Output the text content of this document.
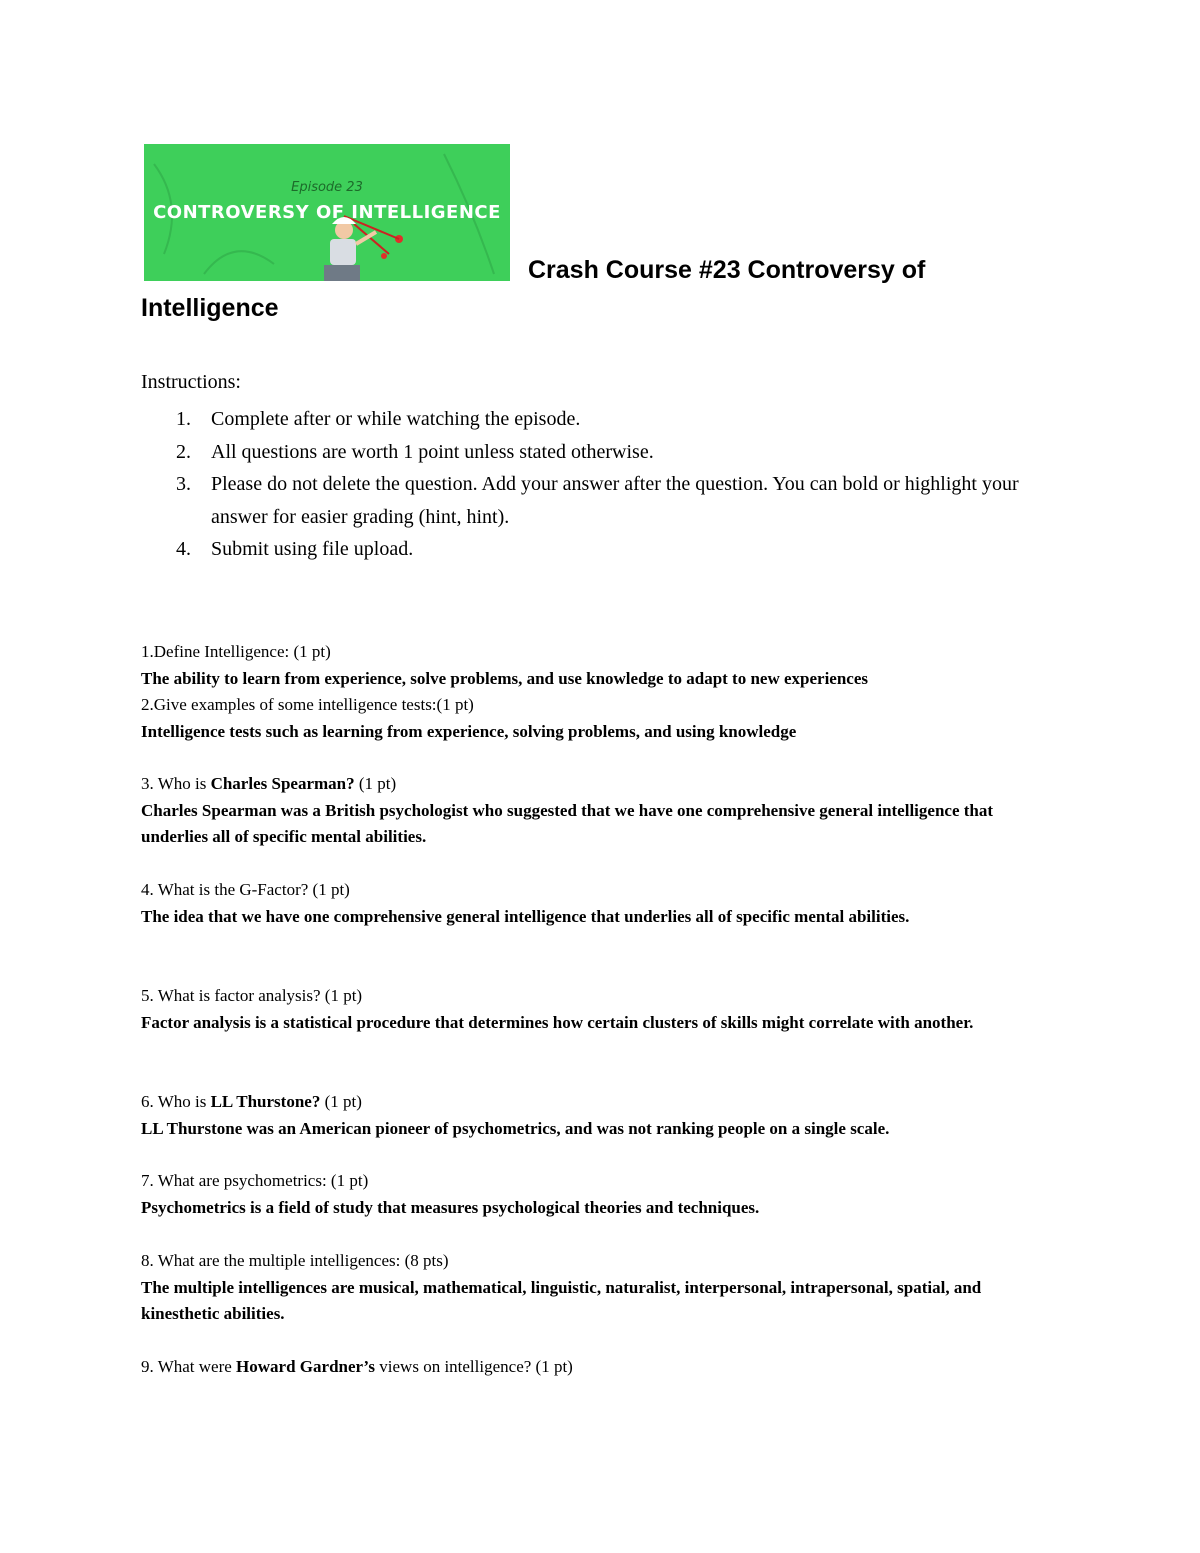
Episode 23
CONTROVERSY OF INTELLIGENCE
Crash Course #23 Controversy of
Intelligence
Instructions:
1. Complete after or while watching the episode.
2. All questions are worth 1 point unless stated otherwise.
3. Please do not delete the question. Add your answer after the question. You can bold or highlight your answer for easier grading (hint, hint).
4. Submit using file upload.

1.Define Intelligence: (1 pt)

The ability to learn from experience, solve problems, and use knowledge to adapt to new experiences

2.Give examples of some intelligence tests:(1 pt)

Intelligence tests such as learning from experience, solving problems, and using knowledge

3. Who is Charles Spearman? (1 pt)

Charles Spearman was a British psychologist who suggested that we have one comprehensive general intelligence that underlies all of specific mental abilities.

4. What is the G-Factor? (1 pt)

The idea that we have one comprehensive general intelligence that underlies all of specific mental abilities.

5. What is factor analysis? (1 pt)

Factor analysis is a statistical procedure that determines how certain clusters of skills might correlate with another.

6. Who is LL Thurstone? (1 pt)

LL Thurstone was an American pioneer of psychometrics, and was not ranking people on a single scale.

7. What are psychometrics: (1 pt)

Psychometrics is a field of study that measures psychological theories and techniques.

8. What are the multiple intelligences: (8 pts)

The multiple intelligences are musical, mathematical, linguistic, naturalist, interpersonal, intrapersonal, spatial, and kinesthetic abilities.

9. What were Howard Gardner’s views on intelligence? (1 pt)
